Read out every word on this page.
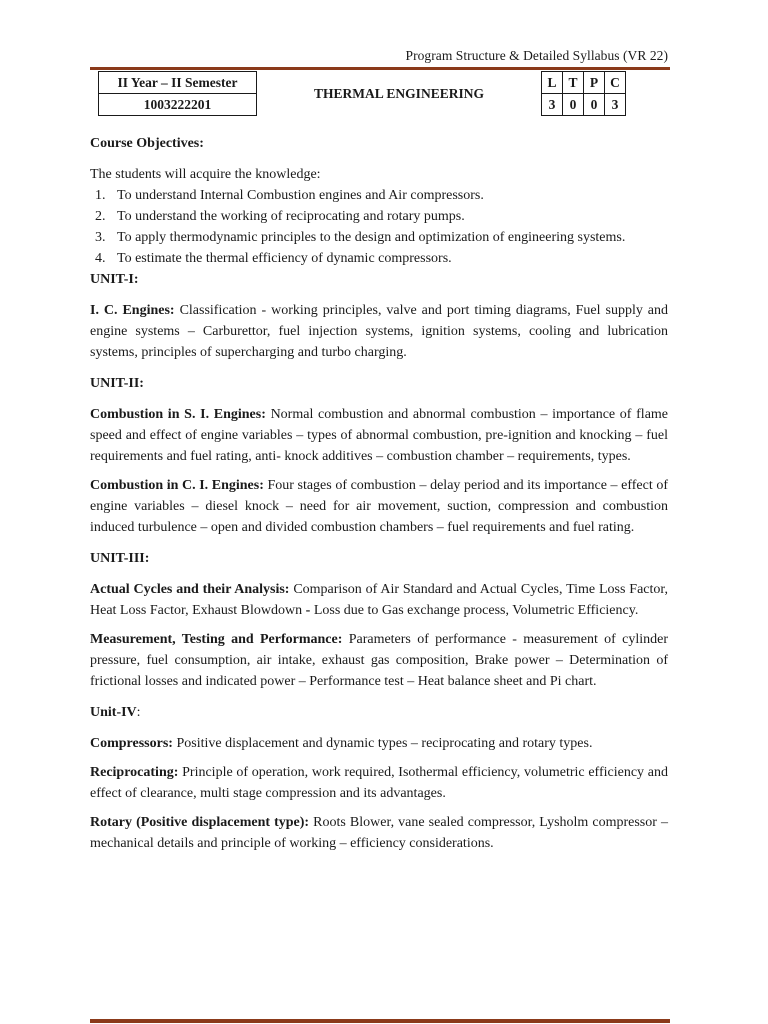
Program Structure & Detailed Syllabus (VR 22)
II Year – II Semester	THERMAL ENGINEERING	L	T	P	C
1003222201		3	0	0	3

Course Objectives:

The students will acquire the knowledge:

1. To understand Internal Combustion engines and Air compressors.
2. To understand the working of reciprocating and rotary pumps.
3. To apply thermodynamic principles to the design and optimization of engineering systems.
4. To estimate the thermal efficiency of dynamic compressors.

UNIT-I:

I. C. Engines: Classification - working principles, valve and port timing diagrams, Fuel supply and engine systems – Carburettor, fuel injection systems, ignition systems, cooling and lubrication systems, principles of supercharging and turbo charging.

UNIT-II:

Combustion in S. I. Engines: Normal combustion and abnormal combustion – importance of flame speed and effect of engine variables – types of abnormal combustion, pre-ignition and knocking – fuel requirements and fuel rating, anti- knock additives – combustion chamber – requirements, types.

Combustion in C. I. Engines: Four stages of combustion – delay period and its importance – effect of engine variables – diesel knock – need for air movement, suction, compression and combustion induced turbulence – open and divided combustion chambers – fuel requirements and fuel rating.

UNIT-III:

Actual Cycles and their Analysis: Comparison of Air Standard and Actual Cycles, Time Loss Factor, Heat Loss Factor, Exhaust Blowdown - Loss due to Gas exchange process, Volumetric Efficiency.

Measurement, Testing and Performance: Parameters of performance - measurement of cylinder pressure, fuel consumption, air intake, exhaust gas composition, Brake power – Determination of frictional losses and indicated power – Performance test – Heat balance sheet and Pi chart.

Unit-IV:

Compressors: Positive displacement and dynamic types – reciprocating and rotary types.

Reciprocating: Principle of operation, work required, Isothermal efficiency, volumetric efficiency and effect of clearance, multi stage compression and its advantages.

Rotary (Positive displacement type): Roots Blower, vane sealed compressor, Lysholm compressor – mechanical details and principle of working – efficiency considerations.
